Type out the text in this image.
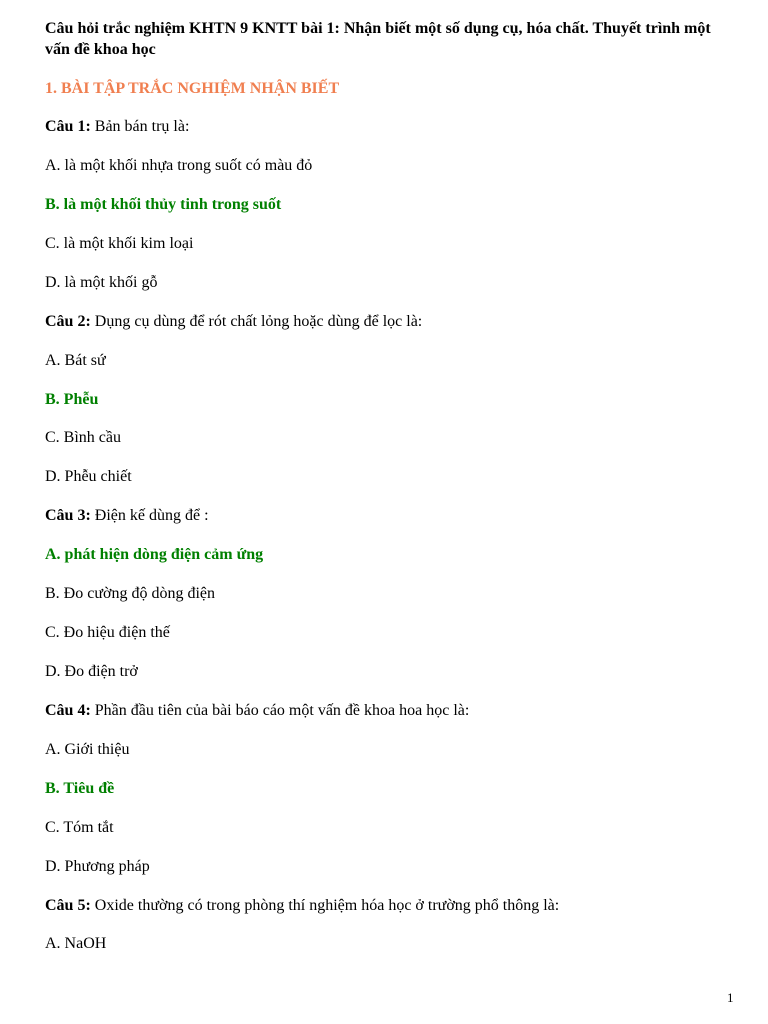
Câu hỏi trắc nghiệm KHTN 9 KNTT bài 1: Nhận biết một số dụng cụ, hóa chất. Thuyết trình một vấn đề khoa học

1. BÀI TẬP TRẮC NGHIỆM NHẬN BIẾT

Câu 1: Bản bán trụ là:

A. là một khối nhựa trong suốt có màu đỏ

B. là một khối thủy tinh trong suốt

C. là một khối kim loại

D. là một khối gỗ

Câu 2: Dụng cụ dùng để rót chất lỏng hoặc dùng để lọc là:

A. Bát sứ

B. Phễu

C. Bình cầu

D. Phễu chiết

Câu 3: Điện kế dùng để :

A. phát hiện dòng điện cảm ứng

B. Đo cường độ dòng điện

C. Đo hiệu điện thế

D. Đo điện trở

Câu 4: Phần đầu tiên của bài báo cáo một vấn đề khoa hoa học là:

A. Giới thiệu

B. Tiêu đề

C. Tóm tắt

D. Phương pháp

Câu 5: Oxide thường có trong phòng thí nghiệm hóa học ở trường phổ thông là:

A. NaOH

1
